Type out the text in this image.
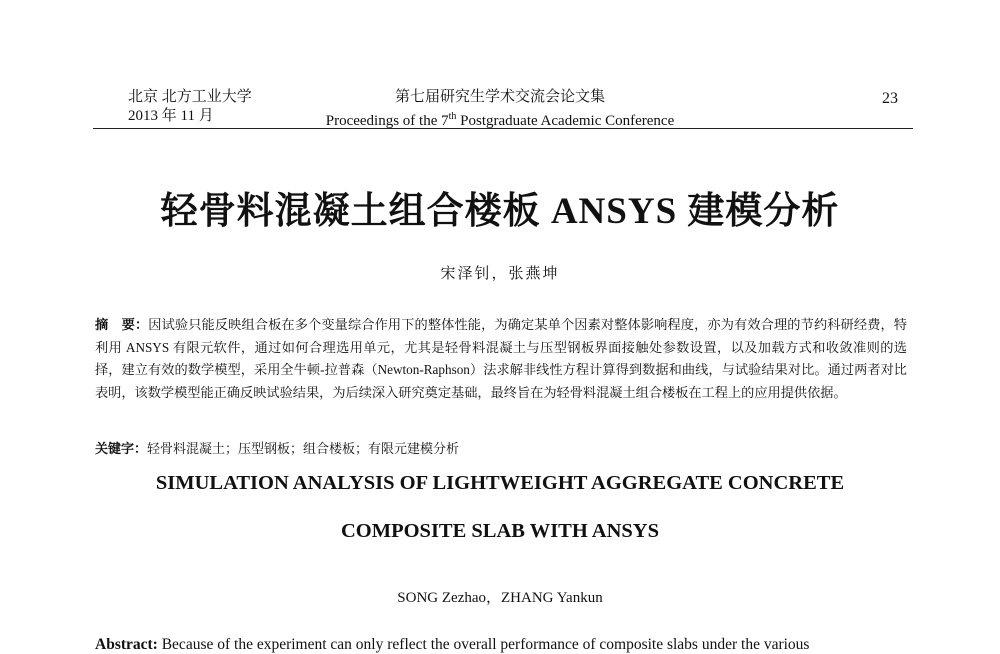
北京 北方工业大学
2013 年 11 月
第七届研究生学术交流会论文集
Proceedings of the 7th Postgraduate Academic Conference
23
轻骨料混凝土组合楼板 ANSYS 建模分析
宋泽钊，张燕坤
摘　要：因试验只能反映组合板在多个变量综合作用下的整体性能，为确定某单个因素对整体影响程度，亦为有效合理的节约科研经费，特利用 ANSYS 有限元软件，通过如何合理选用单元，尤其是轻骨料混凝土与压型钢板界面接触处参数设置，以及加载方式和收敛准则的选择，建立有效的数学模型，采用全牛顿-拉普森（Newton-Raphson）法求解非线性方程计算得到数据和曲线，与试验结果对比。通过两者对比表明，该数学模型能正确反映试验结果，为后续深入研究奠定基础，最终旨在为轻骨料混凝土组合楼板在工程上的应用提供依据。
关键字：轻骨料混凝土；压型钢板；组合楼板；有限元建模分析
SIMULATION ANALYSIS OF LIGHTWEIGHT AGGREGATE CONCRETE
COMPOSITE SLAB WITH ANSYS
SONG Zezhao，ZHANG Yankun
Abstract: Because of the experiment can only reflect the overall performance of composite slabs under the various
